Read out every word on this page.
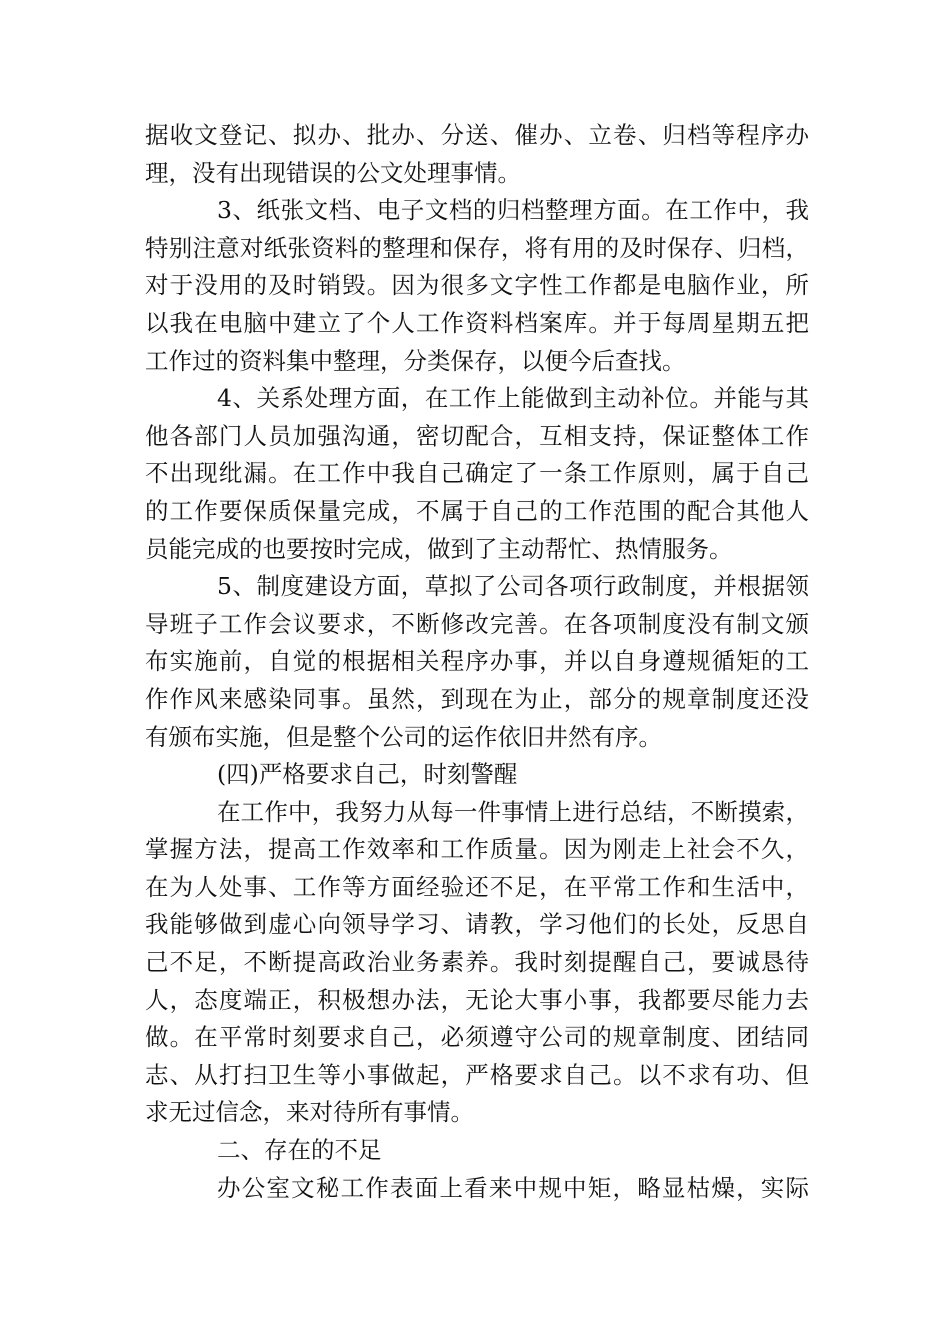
据收文登记、拟办、批办、分送、催办、立卷、归档等程序办
理，没有出现错误的公文处理事情。
3、纸张文档、电子文档的归档整理方面。在工作中，我
特别注意对纸张资料的整理和保存，将有用的及时保存、归档，
对于没用的及时销毁。因为很多文字性工作都是电脑作业，所
以我在电脑中建立了个人工作资料档案库。并于每周星期五把
工作过的资料集中整理，分类保存，以便今后查找。
4、关系处理方面，在工作上能做到主动补位。并能与其
他各部门人员加强沟通，密切配合，互相支持，保证整体工作
不出现纰漏。在工作中我自己确定了一条工作原则，属于自己
的工作要保质保量完成，不属于自己的工作范围的配合其他人
员能完成的也要按时完成，做到了主动帮忙、热情服务。
5、制度建设方面，草拟了公司各项行政制度，并根据领
导班子工作会议要求，不断修改完善。在各项制度没有制文颁
布实施前，自觉的根据相关程序办事，并以自身遵规循矩的工
作作风来感染同事。虽然，到现在为止，部分的规章制度还没
有颁布实施，但是整个公司的运作依旧井然有序。
(四)严格要求自己，时刻警醒
在工作中，我努力从每一件事情上进行总结，不断摸索，
掌握方法，提高工作效率和工作质量。因为刚走上社会不久，
在为人处事、工作等方面经验还不足，在平常工作和生活中，
我能够做到虚心向领导学习、请教，学习他们的长处，反思自
己不足，不断提高政治业务素养。我时刻提醒自己，要诚恳待
人，态度端正，积极想办法，无论大事小事，我都要尽能力去
做。在平常时刻要求自己，必须遵守公司的规章制度、团结同
志、从打扫卫生等小事做起，严格要求自己。以不求有功、但
求无过信念，来对待所有事情。
二、存在的不足
办公室文秘工作表面上看来中规中矩，略显枯燥，实际
